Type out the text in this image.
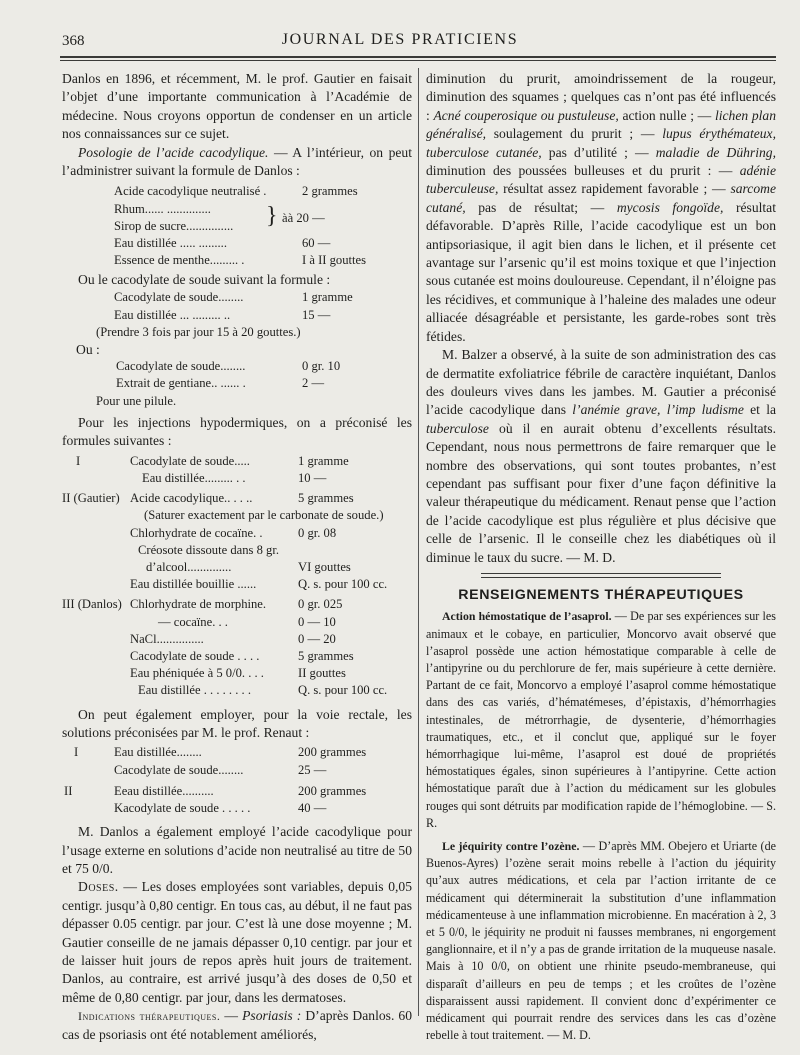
368	JOURNAL DES PRATICIENS

Danlos en 1896, et récemment, M. le prof. Gautier en faisait l’objet d’une importante communication à l’Académie de médecine. Nous croyons opportun de condenser en un article nos connaissances sur ce sujet.

Posologie de l’acide cacodylique. — A l’intérieur, on peut l’administrer suivant la formule de Danlos :

Acide cacodylique neutralisé .	2 grammes
Rhum...... ..............
Sirop de sucre...............	} àà 20 —
Eau distillée ..... .........	60 —
Essence de menthe......... .	I à II gouttes

Ou le cacodylate de soude suivant la formule :

Cacodylate de soude........	1 gramme
Eau distillée ... ......... ..	15 —
(Prendre 3 fois par jour 15 à 20 gouttes.)
Ou :
Cacodylate de soude........	0 gr. 10
Extrait de gentiane.. ...... .	2 —
Pour une pilule.

Pour les injections hypodermiques, on a préconisé les formules suivantes :

I	Cacodylate de soude.....	1 gramme
Eau distillée......... . .	10 —
II (Gautier) Acide cacodylique.. . . ..	5 grammes
(Saturer exactement par le carbonate de soude.)
Chlorhydrate de cocaïne. .	0 gr. 08
Créosote dissoute dans 8 gr.
d’alcool..............	VI gouttes
Eau distillée bouillie ......	Q. s. pour 100 cc.
III (Danlos) Chlorhydrate de morphine.	0 gr. 025
— cocaïne. . .	0 — 10
NaCl...............	0 — 20
Cacodylate de soude . . . .	5 grammes
Eau phéniquée à 5 0/0. . . .	II gouttes
Eau distillée . . . . . . . .	Q. s. pour 100 cc.

On peut également employer, pour la voie rectale, les solutions préconisées par M. le prof. Renaut :

I	Eau distillée........	200 grammes
Cacodylate de soude........	25 —
II	Eeau distillée..........	200 grammes
Kacodylate de soude . . . . .	40 —

M. Danlos a également employé l’acide cacodylique pour l’usage externe en solutions d’acide non neutralisé au titre de 50 et 75 0/0.

Doses. — Les doses employées sont variables, depuis 0,05 centigr. jusqu’à 0,80 centigr. En tous cas, au début, il ne faut pas dépasser 0.05 centigr. par jour. C’est là une dose moyenne ; M. Gautier conseille de ne jamais dépasser 0,10 centigr. par jour et de laisser huit jours de repos après huit jours de traitement. Danlos, au contraire, est arrivé jusqu’à des doses de 0,50 et même de 0,80 centigr. par jour, dans les dermatoses.

Indications thérapeutiques. — Psoriasis : D’après Danlos. 60 cas de psoriasis ont été notablement améliorés,

diminution du prurit, amoindrissement de la rougeur, diminution des squames ; quelques cas n’ont pas été influencés : Acné couperosique ou pustuleuse, action nulle ; — lichen plan généralisé, soulagement du prurit ; — lupus érythémateux, tuberculose cutanée, pas d’utilité ; — maladie de Dühring, diminution des poussées bulleuses et du prurit : — adénie tuberculeuse, résultat assez rapidement favorable ; — sarcome cutané, pas de résultat; — mycosis fongoïde, résultat défavorable. D’après Rille, l’acide cacodylique est un bon antipsoriasique, il agit bien dans le lichen, et il présente cet avantage sur l’arsenic qu’il est moins toxique et que l’injection sous cutanée est moins douloureuse. Cependant, il n’éloigne pas les récidives, et communique à l’haleine des malades une odeur alliacée désagréable et persistante, les garde-robes sont très fétides.

M. Balzer a observé, à la suite de son administration des cas de dermatite exfoliatrice fébrile de caractère inquiétant, Danlos des douleurs vives dans les jambes. M. Gautier a préconisé l’acide cacodylique dans l’anémie grave, l’imp ludisme et la tuberculose où il en aurait obtenu d’excellents résultats. Cependant, nous nous permettrons de faire remarquer que le nombre des observations, qui sont toutes probantes, n’est cependant pas suffisant pour fixer d’une façon définitive la valeur thérapeutique du médicament. Renaut pense que l’action de l’acide cacodylique est plus régulière et plus décisive que celle de l’arsenic. Il le conseille chez les diabétiques où il diminue le taux du sucre. — M. D.

RENSEIGNEMENTS THÉRAPEUTIQUES

Action hémostatique de l’asaprol. — De par ses expériences sur les animaux et le cobaye, en particulier, Moncorvo avait observé que l’asaprol possède une action hémostatique comparable à celle de l’antipyrine ou du perchlorure de fer, mais supérieure à cette dernière. Partant de ce fait, Moncorvo a employé l’asaprol comme hémostatique dans des cas variés, d’hématémeses, d’épistaxis, d’hémorrhagies intestinales, de métrorrhagie, de dysenterie, d’hémorrhagies traumatiques, etc., et il conclut que, appliqué sur le foyer hémorrhagique lui-même, l’asaprol est doué de propriétés hémostatiques égales, sinon supérieures à l’antipyrine. Cette action hémostatique paraît due à l’action du médicament sur les globules rouges qui sont détruits par modification rapide de l’hémoglobine. — S. R.

Le jéquirity contre l’ozène. — D’après MM. Obejero et Uriarte (de Buenos-Ayres) l’ozène serait moins rebelle à l’action du jéquirity qu’aux autres médications, et cela par l’action irritante de ce médicament qui déterminerait la substitution d’une inflammation médicamenteuse à une inflammation microbienne. En macération à 2, 3 et 5 0/0, le jéquirity ne produit ni fausses membranes, ni engorgement ganglionnaire, et il n’y a pas de grande irritation de la muqueuse nasale. Mais à 10 0/0, on obtient une rhinite pseudo-membraneuse, qui disparaît d’ailleurs en peu de temps ; et les croûtes de l’ozène disparaissent aussi rapidement. Il convient donc d’expérimenter ce médicament qui pourrait rendre des services dans les cas d’ozène rebelle à tout traitement. — M. D.
